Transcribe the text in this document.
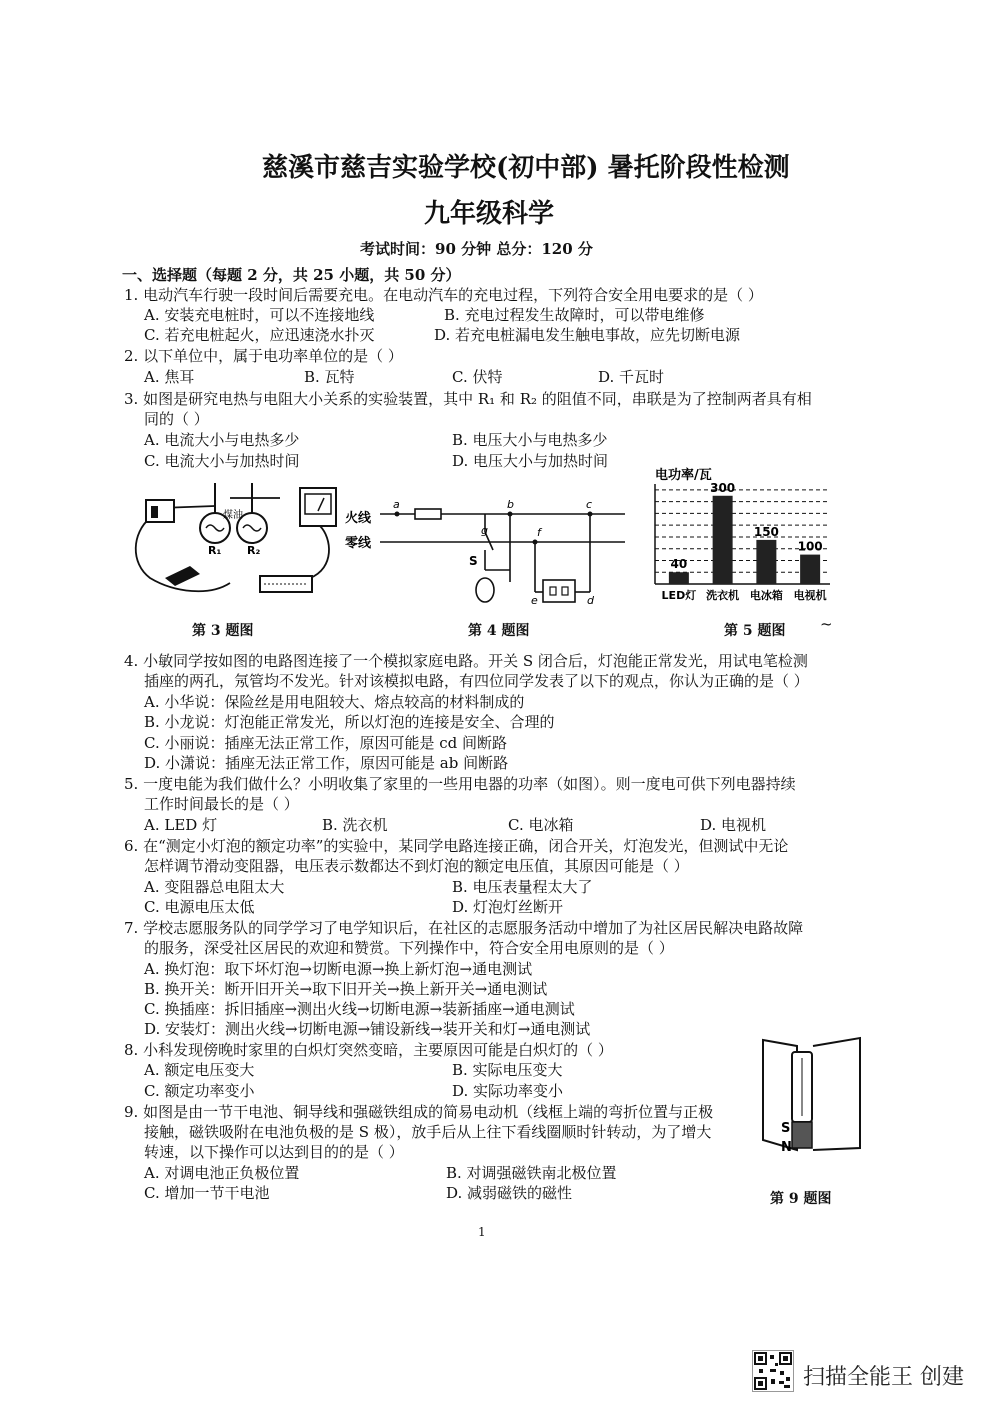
慈溪市慈吉实验学校(初中部) 暑托阶段性检测
九年级科学
考试时间：90 分钟 总分：120 分
一、选择题（每题 2 分，共 25 小题，共 50 分）
1. 电动汽车行驶一段时间后需要充电。在电动汽车的充电过程，下列符合安全用电要求的是（ ）
A. 安装充电桩时，可以不连接地线	B. 充电过程发生故障时，可以带电维修
C. 若充电桩起火，应迅速浇水扑灭	D. 若充电桩漏电发生触电事故，应先切断电源
2. 以下单位中，属于电功率单位的是（ ）
A. 焦耳	B. 瓦特	C. 伏特	D. 千瓦时
3. 如图是研究电热与电阻大小关系的实验装置，其中 R₁ 和 R₂ 的阻值不同，串联是为了控制两者具有相
同的（ ）
A. 电流大小与电热多少	B. 电压大小与电热多少
C. 电流大小与加热时间	D. 电压大小与加热时间
煤油
R₁ R₂
第 3 题图
火线
零线
a	b	c
g	f
e	d
S
第 4 题图
电功率/瓦
40
300
150
100
LED灯 洗衣机 电冰箱 电视机
第 5 题图 ~
4. 小敏同学按如图的电路图连接了一个模拟家庭电路。开关 S 闭合后，灯泡能正常发光，用试电笔检测
插座的两孔，氖管均不发光。针对该模拟电路，有四位同学发表了以下的观点，你认为正确的是（ ）
A. 小华说：保险丝是用电阻较大、熔点较高的材料制成的
B. 小龙说：灯泡能正常发光，所以灯泡的连接是安全、合理的
C. 小丽说：插座无法正常工作，原因可能是 cd 间断路
D. 小潇说：插座无法正常工作，原因可能是 ab 间断路
5. 一度电能为我们做什么？小明收集了家里的一些用电器的功率（如图）。则一度电可供下列电器持续
工作时间最长的是（ ）
A. LED 灯	B. 洗衣机	C. 电冰箱	D. 电视机
6. 在“测定小灯泡的额定功率”的实验中，某同学电路连接正确，闭合开关，灯泡发光，但测试中无论
怎样调节滑动变阻器，电压表示数都达不到灯泡的额定电压值，其原因可能是（ ）
A. 变阻器总电阻太大	B. 电压表量程太大了
C. 电源电压太低	D. 灯泡灯丝断开
7. 学校志愿服务队的同学学习了电学知识后，在社区的志愿服务活动中增加了为社区居民解决电路故障
的服务，深受社区居民的欢迎和赞赏。下列操作中，符合安全用电原则的是（ ）
A. 换灯泡：取下坏灯泡→切断电源→换上新灯泡→通电测试
B. 换开关：断开旧开关→取下旧开关→换上新开关→通电测试
C. 换插座：拆旧插座→测出火线→切断电源→装新插座→通电测试
D. 安装灯：测出火线→切断电源→铺设新线→装开关和灯→通电测试
8. 小科发现傍晚时家里的白炽灯突然变暗，主要原因可能是白炽灯的（ ）
A. 额定电压变大	B. 实际电压变大
C. 额定功率变小	D. 实际功率变小
9. 如图是由一节干电池、铜导线和强磁铁组成的简易电动机（线框上端的弯折位置与正极
接触，磁铁吸附在电池负极的是 S 极），放手后从上往下看线圈顺时针转动，为了增大
转速，以下操作可以达到目的的是（ ）
A. 对调电池正负极位置	B. 对调强磁铁南北极位置
C. 增加一节干电池	D. 减弱磁铁的磁性
S
N
第 9 题图
1
扫描全能王 创建
